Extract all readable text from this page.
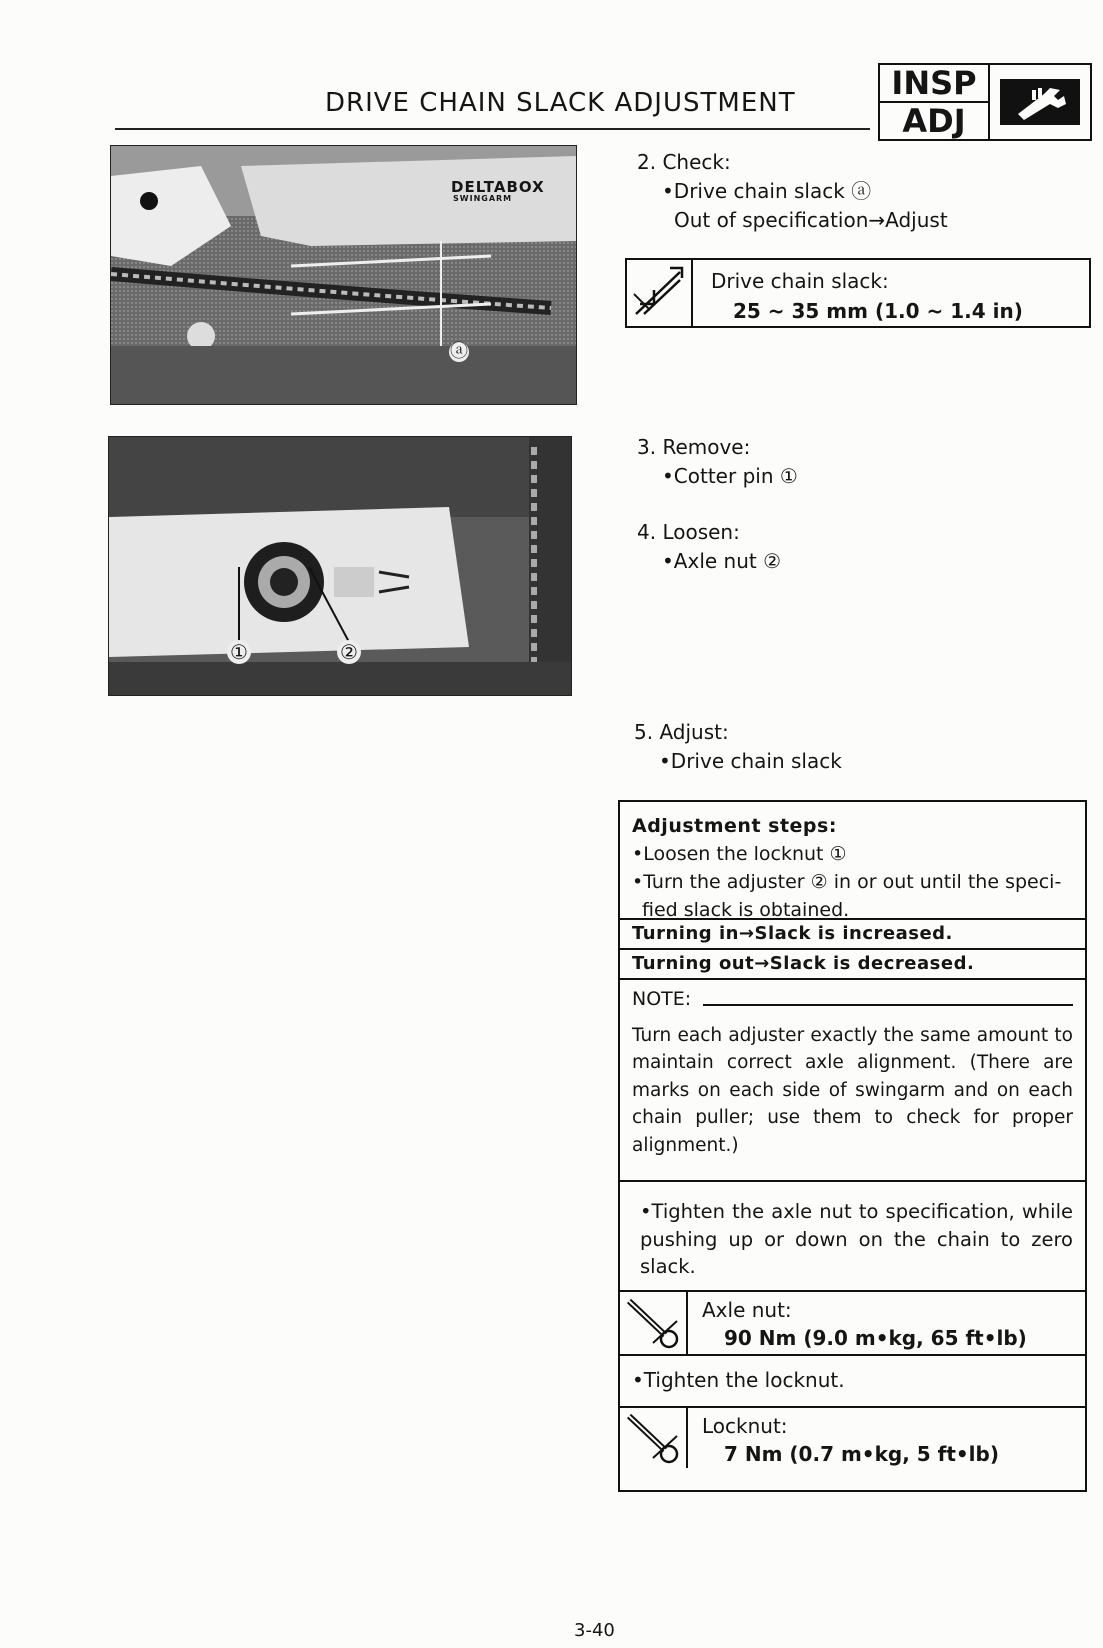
DRIVE CHAIN SLACK ADJUSTMENT
INSP
ADJ
DELTABOX
SWINGARM
ⓐ
①	②
2. Check:
•Drive chain slack ⓐ
Out of specification→Adjust
Drive chain slack:
25 ~ 35 mm (1.0 ~ 1.4 in)
3. Remove:
•Cotter pin ①
4. Loosen:
•Axle nut ②
5. Adjust:
•Drive chain slack
Adjustment steps:
•Loosen the locknut ①
•Turn the adjuster ② in or out until the speci-
fied slack is obtained.
Turning in→Slack is increased.
Turning out→Slack is decreased.
NOTE:
Turn each adjuster exactly the same amount to maintain correct axle alignment. (There are marks on each side of swingarm and on each chain puller; use them to check for proper alignment.)
•Tighten the axle nut to specification, while pushing up or down on the chain to zero slack.
Axle nut:
90 Nm (9.0 m•kg, 65 ft•lb)
•Tighten the locknut.
Locknut:
7 Nm (0.7 m•kg, 5 ft•lb)
3-40
